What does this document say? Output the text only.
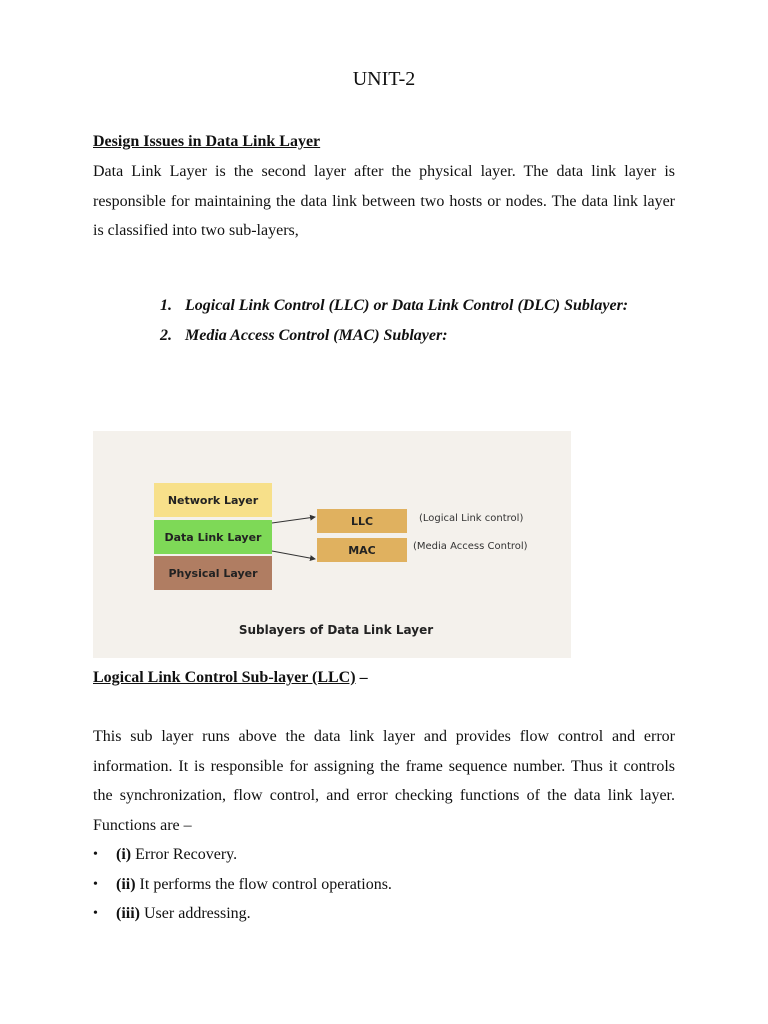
UNIT-2
Design Issues in Data Link Layer
Data Link Layer is the second layer after the physical layer. The data link layer is responsible for maintaining the data link between two hosts or nodes. The data link layer is classified into two sub-layers,
1. Logical Link Control (LLC) or Data Link Control (DLC) Sublayer:
2. Media Access Control (MAC) Sublayer:
Network Layer
Data Link Layer
Physical Layer
LLC
MAC
(Logical Link control)
(Media Access Control)
Sublayers of Data Link Layer
Logical Link Control Sub-layer (LLC) –
This sub layer runs above the data link layer and provides flow control and error information. It is responsible for assigning the frame sequence number. Thus it controls the synchronization, flow control, and error checking functions of the data link layer. Functions are –
• (i) Error Recovery.
• (ii) It performs the flow control operations.
• (iii) User addressing.
